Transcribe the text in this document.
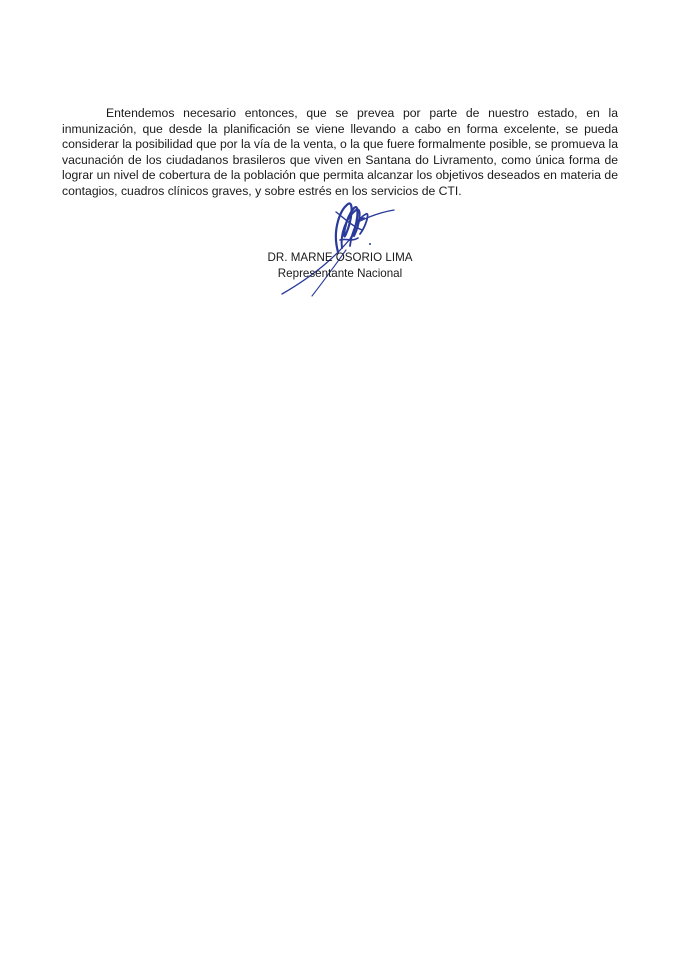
Entendemos necesario entonces, que se prevea por parte de nuestro estado, en la inmunización, que desde la planificación se viene llevando a cabo en forma excelente, se pueda considerar la posibilidad que por la vía de la venta, o la que fuere formalmente posible, se promueva la vacunación de los ciudadanos brasileros que viven en Santana do Livramento, como única forma de lograr un nivel de cobertura de la población que permita alcanzar los objetivos deseados en materia de contagios, cuadros clínicos graves, y sobre estrés en los servicios de CTI.

DR. MARNE OSORIO LIMA
Representante Nacional
